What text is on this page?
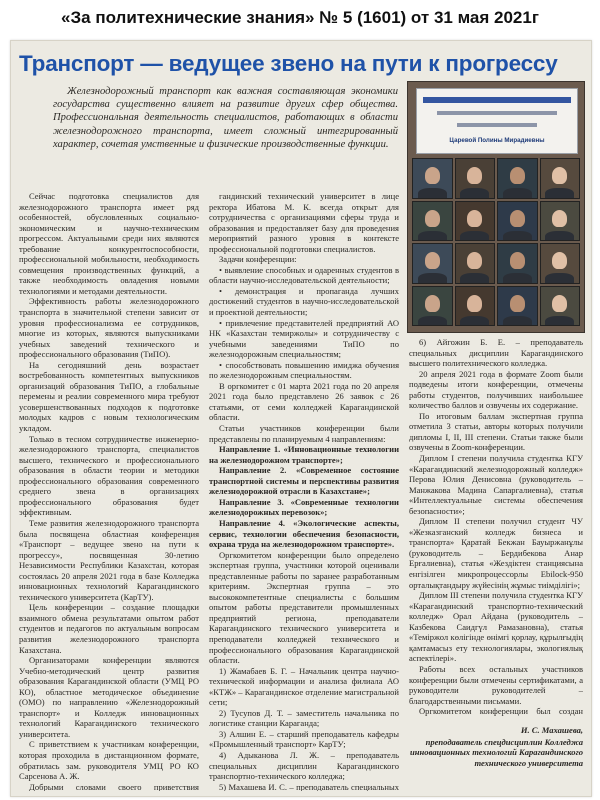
«За политехнические знания» № 5 (1601) от 31 мая 2021г
Транспорт — ведущее звено на пути к прогрессу

Железнодорожный транспорт как важная составляющая экономики государства существенно влияет на развитие других сфер общества. Профессиональная деятельность специалистов, работающих в области железнодорожного транспорта, имеет сложный интегрированный характер, сочетая умственные и физические производственные функции.	Царевой Полины Мирадиевны

Сейчас подготовка специалистов для железнодорожного транспорта имеет ряд особенностей, обусловленных социально-экономическим и научно-техническим прогрессом. Актуальными среди них являются требование конкурентоспособности, профессиональной мобильности, необходимость совмещения производственных функций, а также необходимость овладения новыми технологиями и методами деятельности.

Эффективность работы железнодорожного транспорта в значительной степени зависит от уровня профессионализма ее сотрудников, многие из которых, являются выпускниками учебных заведений технического и профессионального образования (ТиПО).

На сегодняшний день возрастает востребованность компетентных выпускников организаций образования ТиПО, а глобальные перемены и реалии современного мира требуют усовершенствованных подходов к подготовке молодых кадров с новым технологическим укладом.

Только в тесном сотрудничестве инженерно-железнодорожного транспорта, специалистов высшего, технического и профессионального образования в области теории и методики профессионального образования современного среднего звена в организациях профессионального образования будет эффективным.

Теме развития железнодорожного транспорта была посвящена областная конференция «Транспорт – ведущее звено на пути к прогрессу», посвященная 30-летию Независимости Республики Казахстан, которая состоялась 20 апреля 2021 года в базе Колледжа инновационных технологий Карагандинского технического университета (КарТУ).

Цель конференции – создание площадки взаимного обмена результатами опытом работ студентов и педагогов по актуальным вопросам развития железнодорожного транспорта Казахстана.

Организаторами конференции являются Учебно-методический центр развития образования Карагандинской области (УМЦ РО КО), областное методическое объединение (ОМО) по направлению «Железнодорожный транспорт» и Колледж инновационных технологий Карагандинского технического университета.

С приветствием к участникам конференции, которая проходила в дистанционном формате, обратилась зам. руководителя УМЦ РО КО Сарсенова А. Ж.

Добрыми словами своего приветствия

гандинский технический университет в лице ректора Ибатова М. К. всегда открыт для сотрудничества с организациями сферы труда и образования и предоставляет базу для проведения мероприятий разного уровня в контексте профессиональной подготовки специалистов.

Задачи конференции:

• выявление способных и одаренных студентов в области научно-исследовательской деятельности;

• демонстрация и пропаганда лучших достижений студентов в научно-исследовательской и проектной деятельности;

• привлечение представителей предприятий АО НК «Казахстан темиржолы» и сотрудничеству с учебными заведениями ТиПО по железнодорожным специальностям;

• способствовать повышению имиджа обучения по железнодорожным специальностям.

В оргкомитет с 01 марта 2021 года по 20 апреля 2021 года было представлено 26 заявок с 26 статьями, от семи колледжей Карагандинской области.

Статьи участников конференции были представлены по планируемым 4 направлениям:

Направление 1. «Инновационные технологии на железнодорожном транспорте»;

Направление 2. «Современное состояние транспортной системы и перспективы развития железнодорожной отрасли в Казахстане»;

Направление 3. «Современные технологии железнодорожных перевозок»;

Направление 4. «Экологические аспекты, сервис, технологии обеспечения безопасности, охрана труда на железнодорожном транспорте».

Оргкомитетом конференции было определено экспертная группа, участники которой оценивали представленные работы по заранее разработанным критериям. Экспертная группа – это высококомпетентные специалисты с большим опытом работы представители промышленных предприятий региона, преподаватели Карагандинского технического университета и преподаватели колледжей технического и профессионального образования Карагандинской области.

1) Жамабаев Б. Г. – Начальник центра научно-технической информации и анализа филиала АО «КТЖ» – Карагандинское отделение магистральной сети;

2) Тусупов Д. Т. – заместитель начальника по логистике станции Караганда;

3) Алшин Е. – старший преподаватель кафедры «Промышленный транспорт» КарТУ;

4) Адыканова Л. Ж. – преподаватель специальных дисциплин Карагандинского транспортно-технического колледжа;

5) Махашева И. С. – преподаватель специальных

6) Айгожин Б. Е. – преподаватель специальных дисциплин Карагандинского высшего политехнического колледжа.

20 апреля 2021 года в формате Zoom были подведены итоги конференции, отмечены работы студентов, получивших наибольшее количество баллов и озвучены их содержание.

По итоговым баллам экспертная группа отметила 3 статьи, авторы которых получили дипломы I, II, III степени. Статьи также были озвучены в Zoom-конференции.

Диплом I степени получила студентка КГУ «Карагандинский железнодорожный колледж» Перова Юлия Денисовна (руководитель – Манжакова Мадина Сапаргалиевна), статья «Интеллектуальные системы обеспечения безопасности»;

Диплом II степени получил студент ЧУ «Жезказганский колледж бизнеса и транспорта» Қаратай Бекжан Бауыржанұлы (руководитель – Бердибекова Анар Ерғалиевна), статья «Жездіктен станциясына енгізілген микропроцессорлы Ebilock-950 орталықтандыру жүйесінің жұмыс тиімділігі»;

Диплом III степени получила студентка КГУ «Карагандинский транспортно-технический колледж» Орал Айдана (руководитель – Казбекова Саидгүл Рамазановна), статья «Теміржол көлігінде өнімгі қорлау, құрылғыдің қамтамасыз ету технологиялары, экологиялық аспектілері».

Работы всех остальных участников конференции были отмечены сертификатами, а руководители руководителей – благодарственными письмами.

Оргкомитетом конференции был создан

И. С. Махашева,
преподаватель спецдисциплин Колледжа инновационных технологий Карагандинского технического университета
